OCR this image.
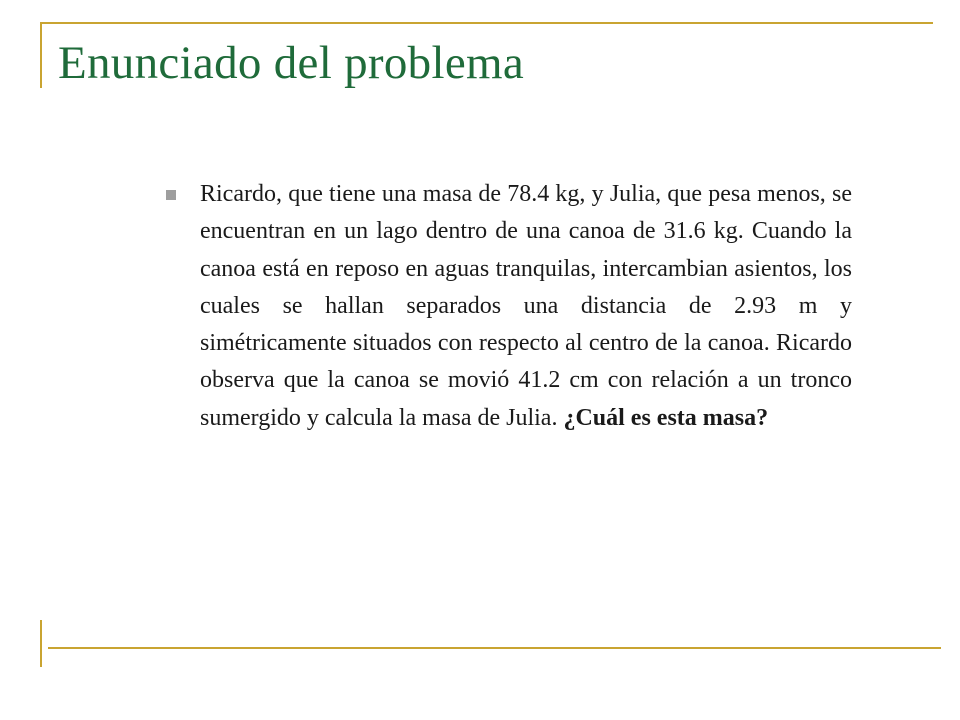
Enunciado del problema
Ricardo, que tiene una masa de 78.4 kg, y Julia, que pesa menos, se encuentran en un lago dentro de una canoa de 31.6 kg. Cuando la canoa está en reposo en aguas tranquilas, intercambian asientos, los cuales se hallan separados una distancia de 2.93 m y simétricamente situados con respecto al centro de la canoa. Ricardo observa que la canoa se movió 41.2 cm con relación a un tronco sumergido y calcula la masa de Julia. ¿Cuál es esta masa?
